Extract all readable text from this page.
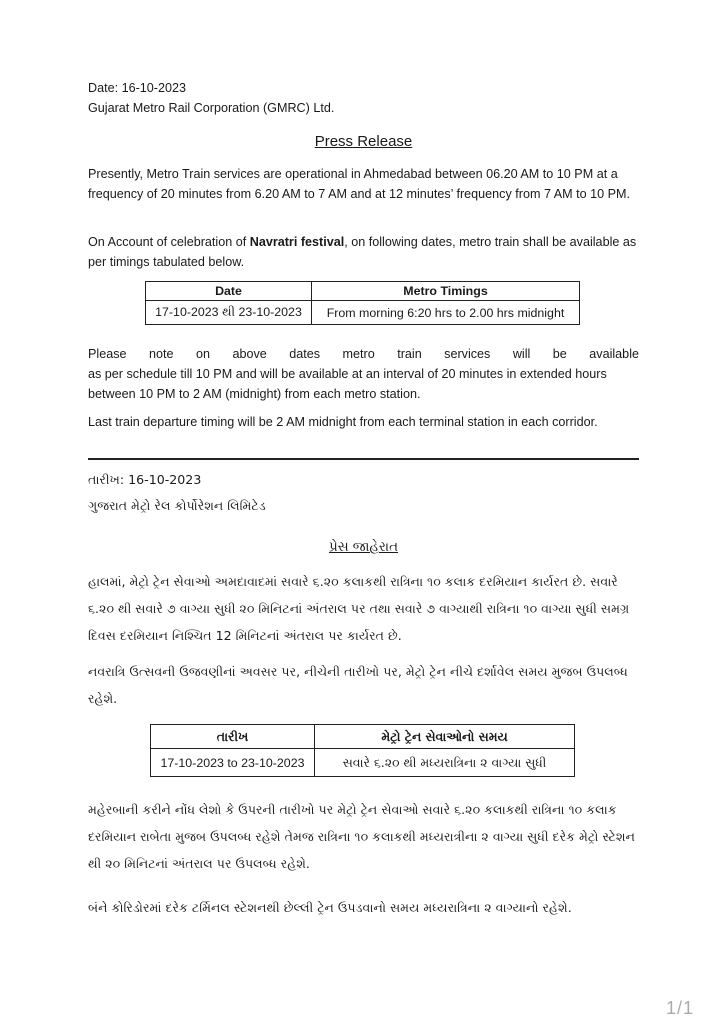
Date: 16-10-2023
Gujarat Metro Rail Corporation (GMRC) Ltd.
Press Release
Presently, Metro Train services are operational in Ahmedabad between 06.20 AM to 10 PM at a frequency of 20 minutes from 6.20 AM to 7 AM and at 12 minutes’ frequency from 7 AM to 10 PM.
On Account of celebration of Navratri festival, on following dates, metro train shall be available as per timings tabulated below.
Date	Metro Timings
17-10-2023 થી 23-10-2023	From morning 6:20 hrs to 2.00 hrs midnight
Please note on above dates metro train services will be available
as per schedule till 10 PM and will be available at an interval of 20 minutes in extended hours between 10 PM to 2 AM (midnight) from each metro station.
Last train departure timing will be 2 AM midnight from each terminal station in each corridor.
તારીખ: 16-10-2023
ગુજરાત મેટ્રો રેલ કોર્પોરેશન લિમિટેડ
પ્રેસ જાહેરાત
હાલમાં, મેટ્રો ટ્રેન સેવાઓ અમદાવાદમાં સવારે ૬.૨૦ કલાકથી રાત્રિના ૧૦ કલાક દરમિયાન કાર્યરત છે. સવારે ૬.૨૦ થી સવારે ૭ વાગ્યા સુધી ૨૦ મિનિટનાં અંતરાલ પર તથા સવારે ૭ વાગ્યાથી રાત્રિના ૧૦ વાગ્યા સુધી સમગ્ર દિવસ દરમિયાન નિશ્ચિત 12 મિનિટનાં અંતરાલ પર કાર્યરત છે.
નવરાત્રિ ઉત્સવની ઉજવણીનાં અવસર પર, નીચેની તારીખો પર, મેટ્રો ટ્રેન નીચે દર્શાવેલ સમય મુજબ ઉપલબ્ધ રહેશે.
તારીખ	મેટ્રો ટ્રેન સેવાઓનો સમય
17-10-2023 to 23-10-2023	સવારે ૬.૨૦ થી મધ્યરાત્રિના ૨ વાગ્યા સુધી
મહેરબાની કરીને નોંધ લેશો કે ઉપરની તારીખો પર મેટ્રો ટ્રેન સેવાઓ સવારે ૬.૨૦ કલાકથી રાત્રિના ૧૦ કલાક દરમિયાન રાબેતા મુજબ ઉપલબ્ધ રહેશે તેમજ રાત્રિના ૧૦ કલાકથી મધ્યરાત્રીના ૨ વાગ્યા સુધી દરેક મેટ્રો સ્ટેશન થી ૨૦ મિનિટનાં અંતરાલ પર ઉપલબ્ધ રહેશે.
બંને કોરિડોરમાં દરેક ટર્મિનલ સ્ટેશનથી છેલ્લી ટ્રેન ઉપડવાનો સમય મધ્યરાત્રિના ૨ વાગ્યાનો રહેશે.
1/1
